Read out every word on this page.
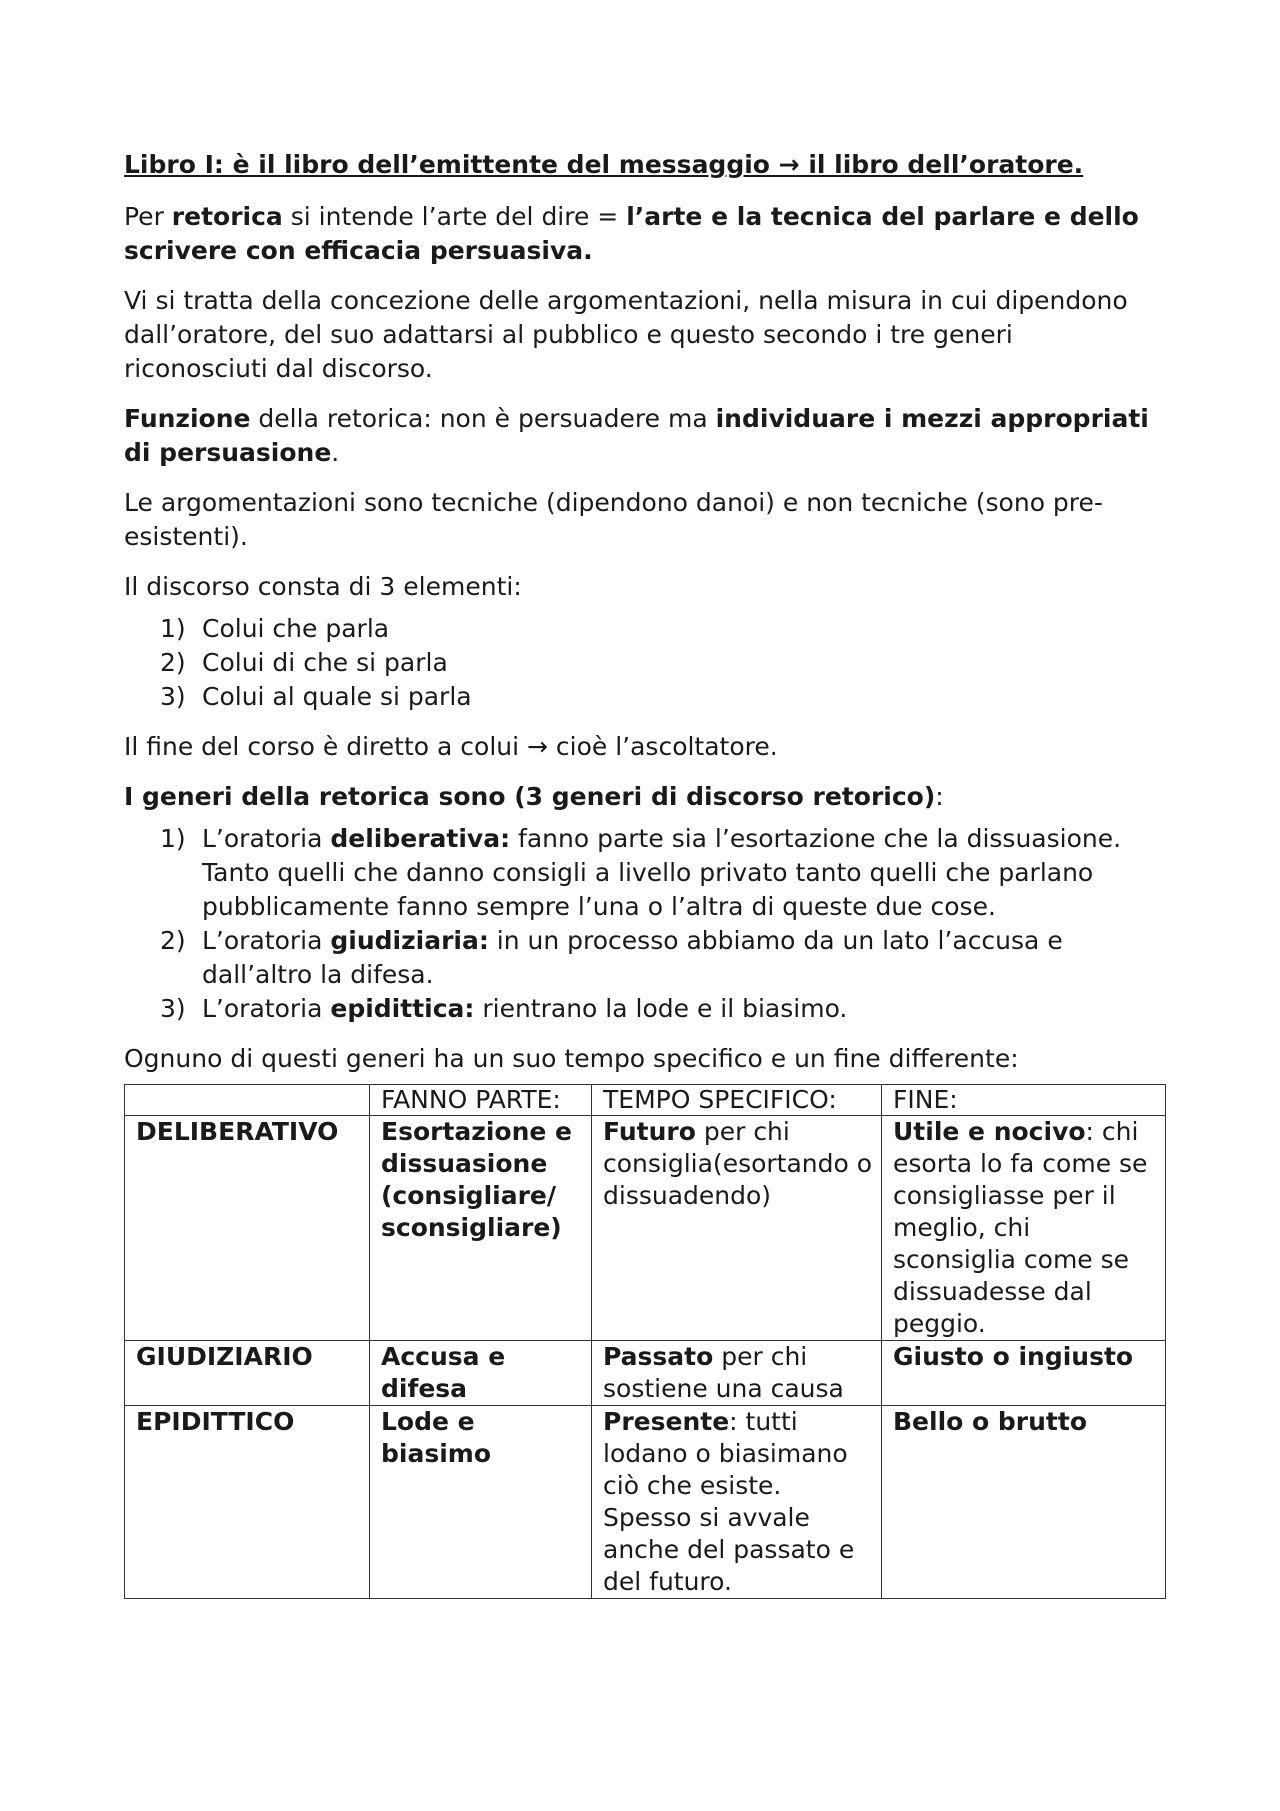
Libro I: è il libro dell’emittente del messaggio → il libro dell’oratore.

Per retorica si intende l’arte del dire = l’arte e la tecnica del parlare e dello scrivere con efficacia persuasiva.

Vi si tratta della concezione delle argomentazioni, nella misura in cui dipendono dall’oratore, del suo adattarsi al pubblico e questo secondo i tre generi riconosciuti dal discorso.

Funzione della retorica: non è persuadere ma individuare i mezzi appropriati di persuasione.

Le argomentazioni sono tecniche (dipendono danoi) e non tecniche (sono pre-esistenti).

Il discorso consta di 3 elementi:

1) Colui che parla
2) Colui di che si parla
3) Colui al quale si parla

Il fine del corso è diretto a colui → cioè l’ascoltatore.

I generi della retorica sono (3 generi di discorso retorico):

1) L’oratoria deliberativa: fanno parte sia l’esortazione che la dissuasione. Tanto quelli che danno consigli a livello privato tanto quelli che parlano pubblicamente fanno sempre l’una o l’altra di queste due cose.
2) L’oratoria giudiziaria: in un processo abbiamo da un lato l’accusa e dall’altro la difesa.
3) L’oratoria epidittica: rientrano la lode e il biasimo.

Ognuno di questi generi ha un suo tempo specifico e un fine differente:

	FANNO PARTE:	TEMPO SPECIFICO:	FINE:
DELIBERATIVO	Esortazione e dissuasione (consigliare/ sconsigliare)	Futuro per chi consiglia(esortando o dissuadendo)	Utile e nocivo: chi esorta lo fa come se consigliasse per il meglio, chi sconsiglia come se dissuadesse dal peggio.
GIUDIZIARIO	Accusa e difesa	Passato per chi sostiene una causa	Giusto o ingiusto
EPIDITTICO	Lode e biasimo	Presente: tutti lodano o biasimano ciò che esiste. Spesso si avvale anche del passato e del futuro.	Bello o brutto
